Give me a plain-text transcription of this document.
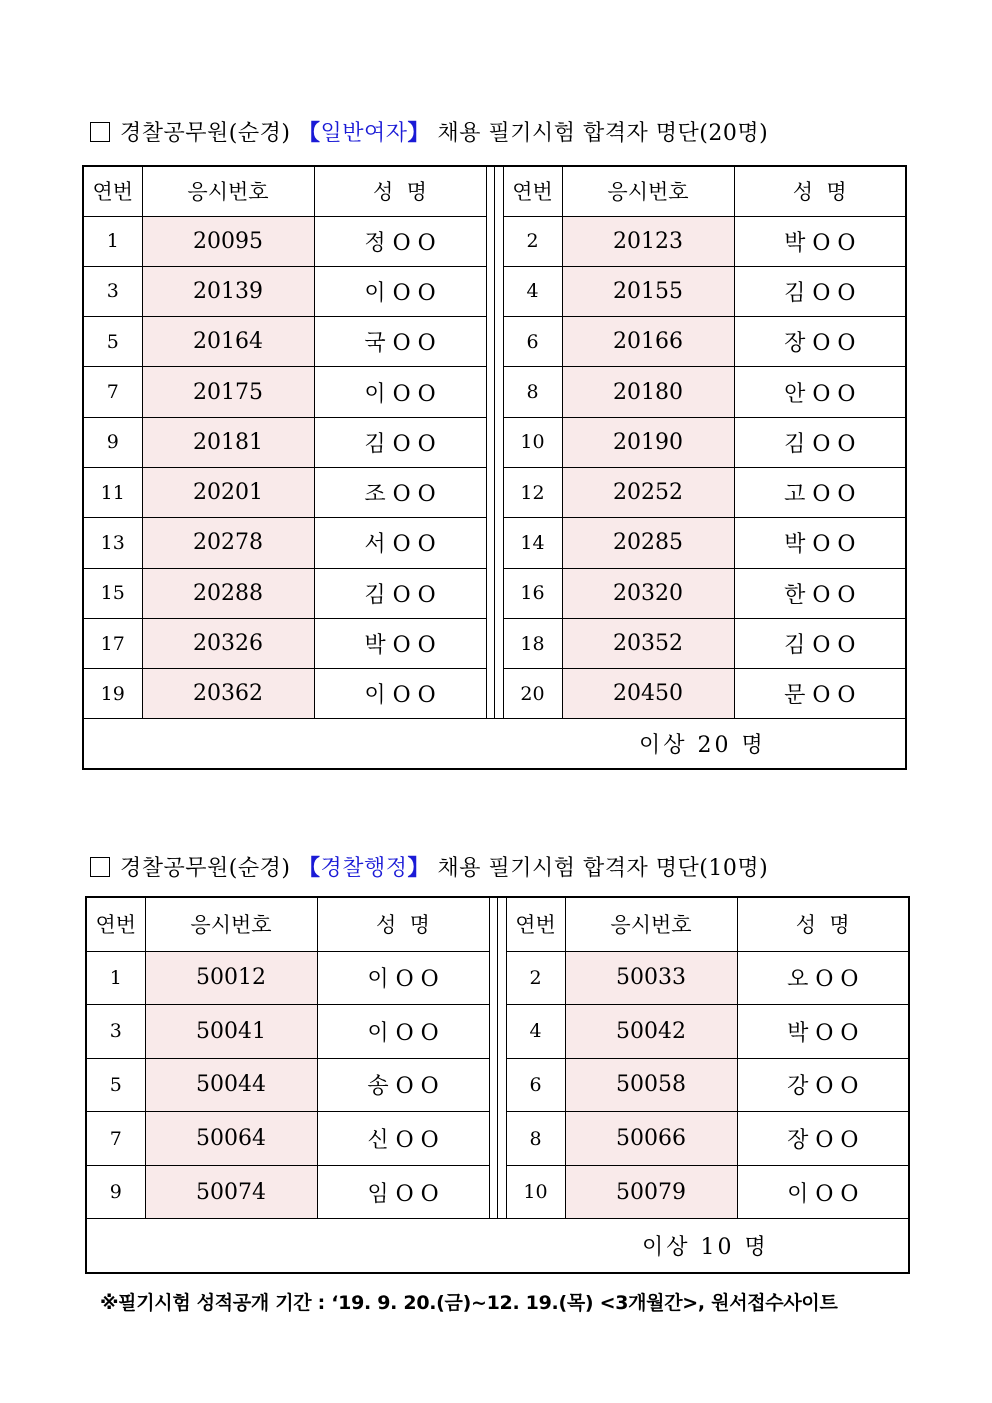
경찰공무원(순경) 【일반여자】 채용 필기시험 합격자 명단(20명)
연번	응시번호	성  명			연번	응시번호	성  명
1	20095	정 O O			2	20123	박 O O
3	20139	이 O O			4	20155	김 O O
5	20164	국 O O			6	20166	장 O O
7	20175	이 O O			8	20180	안 O O
9	20181	김 O O			10	20190	김 O O
11	20201	조 O O			12	20252	고 O O
13	20278	서 O O			14	20285	박 O O
15	20288	김 O O			16	20320	한 O O
17	20326	박 O O			18	20352	김 O O
19	20362	이 O O			20	20450	문 O O
이상 20 명							
경찰공무원(순경) 【경찰행정】 채용 필기시험 합격자 명단(10명)
연번	응시번호	성  명			연번	응시번호	성  명
1	50012	이 O O			2	50033	오 O O
3	50041	이 O O			4	50042	박 O O
5	50044	송 O O			6	50058	강 O O
7	50064	신 O O			8	50066	장 O O
9	50074	임 O O			10	50079	이 O O
이상 10 명							
※필기시험 성적공개 기간 : ‘19. 9. 20.(금)~12. 19.(목) <3개월간>, 원서접수사이트
